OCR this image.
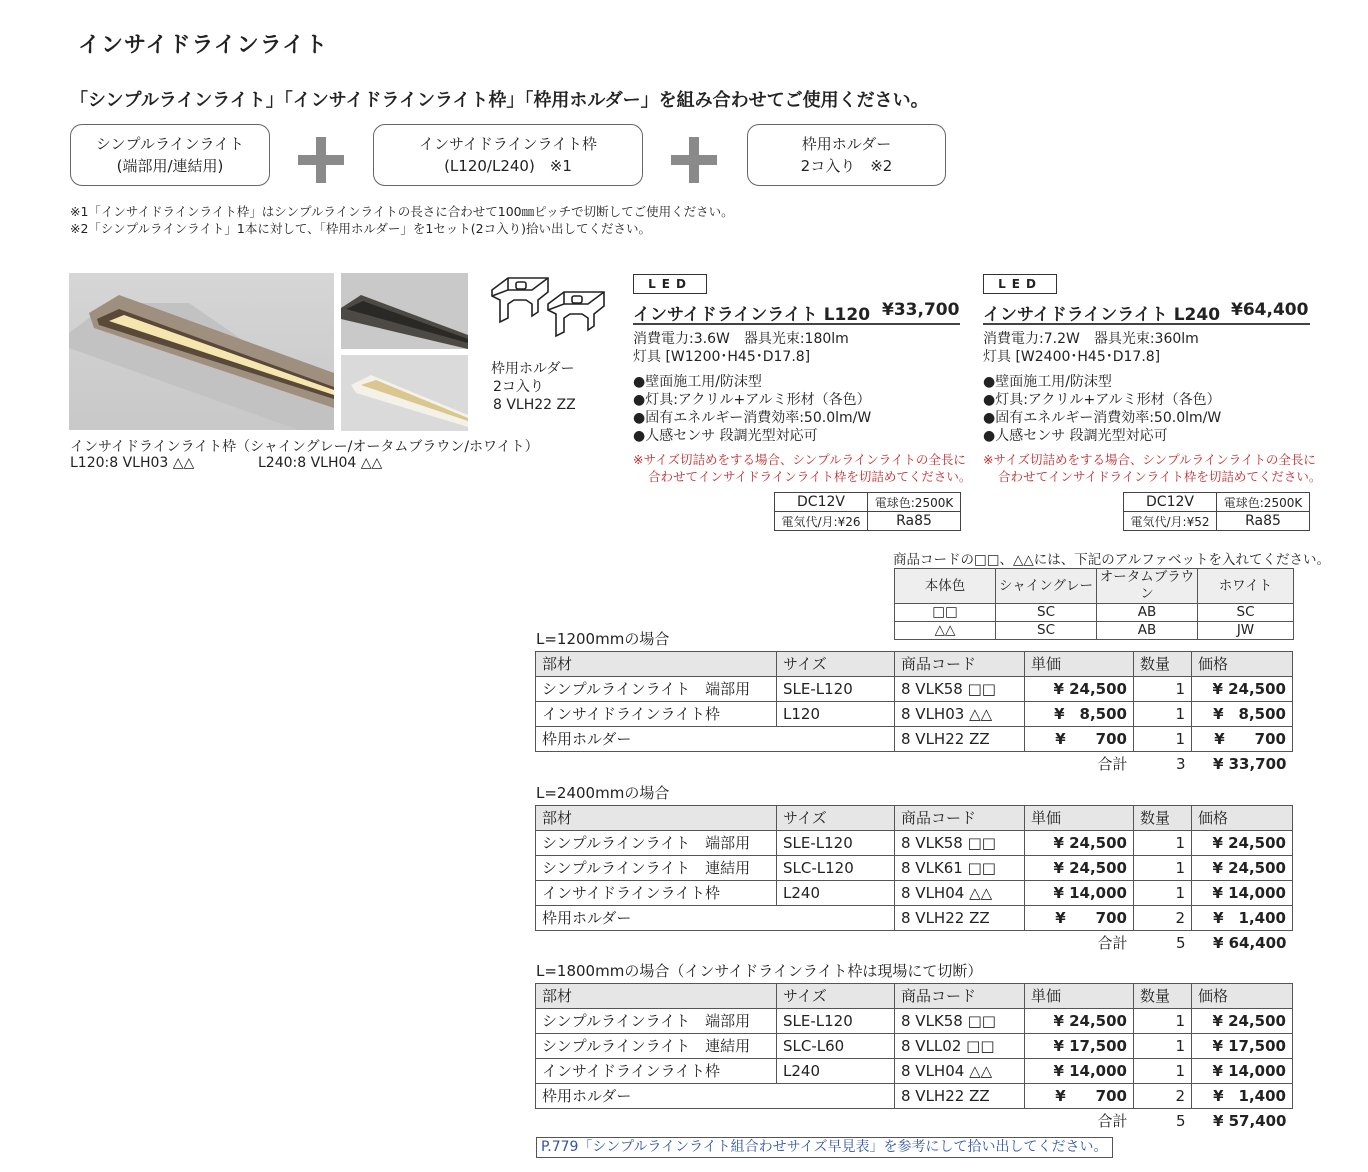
インサイドラインライト
「シンプルラインライト」「インサイドラインライト枠」「枠用ホルダー」を組み合わせてご使用ください。
シンプルラインライト
(端部用/連結用)
インサイドラインライト枠
(L120/L240)　※1
枠用ホルダー
2コ入り　※2
※1「インサイドラインライト枠」はシンプルラインライトの長さに合わせて100㎜ピッチで切断してご使用ください。
※2「シンプルラインライト」1本に対して、「枠用ホルダー」を1セット(2コ入り)拾い出してください。
枠用ホルダー
2コ入り
8 VLH22 ZZ
インサイドラインライト枠（シャイングレー/オータムブラウン/ホワイト）
L120:8 VLH03 △△	L240:8 VLH04 △△
LED
インサイドラインライト L120 ¥33,700
消費電力:3.6W　器具光束:180lm
灯具 [W1200･H45･D17.8]
●壁面施工用/防沫型
●灯具:アクリル+アルミ形材（各色）
●固有エネルギー消費効率:50.0lm/W
●人感センサ 段調光型対応可
※サイズ切詰めをする場合、シンプルラインライトの全長に
合わせてインサイドラインライト枠を切詰めてください。
DC12V	電球色:2500K
電気代/月:¥26	Ra85
LED
インサイドラインライト L240 ¥64,400
消費電力:7.2W　器具光束:360lm
灯具 [W2400･H45･D17.8]
●壁面施工用/防沫型
●灯具:アクリル+アルミ形材（各色）
●固有エネルギー消費効率:50.0lm/W
●人感センサ 段調光型対応可
※サイズ切詰めをする場合、シンプルラインライトの全長に
合わせてインサイドラインライト枠を切詰めてください。
DC12V	電球色:2500K
電気代/月:¥52	Ra85
商品コードの□□、△△には、下記のアルファベットを入れてください。
本体色	シャイングレー	オータムブラウン	ホワイト
□□	SC	AB	SC
△△	SC	AB	JW
L=1200mmの場合
部材	サイズ	商品コード	単価	数量	価格
シンプルラインライト　端部用	SLE-L120	8 VLK58 □□	¥ 24,500	1	¥ 24,500
インサイドラインライト枠	L120	8 VLH03 △△	¥　8,500	1	¥　8,500
枠用ホルダー		8 VLH22 ZZ	¥　　700	1	¥　　700
			合計	3	¥ 33,700
L=2400mmの場合
部材	サイズ	商品コード	単価	数量	価格
シンプルラインライト　端部用	SLE-L120	8 VLK58 □□	¥ 24,500	1	¥ 24,500
シンプルラインライト　連結用	SLC-L120	8 VLK61 □□	¥ 24,500	1	¥ 24,500
インサイドラインライト枠	L240	8 VLH04 △△	¥ 14,000	1	¥ 14,000
枠用ホルダー		8 VLH22 ZZ	¥　　700	2	¥　1,400
			合計	5	¥ 64,400
L=1800mmの場合（インサイドラインライト枠は現場にて切断）
部材	サイズ	商品コード	単価	数量	価格
シンプルラインライト　端部用	SLE-L120	8 VLK58 □□	¥ 24,500	1	¥ 24,500
シンプルラインライト　連結用	SLC-L60	8 VLL02 □□	¥ 17,500	1	¥ 17,500
インサイドラインライト枠	L240	8 VLH04 △△	¥ 14,000	1	¥ 14,000
枠用ホルダー		8 VLH22 ZZ	¥　　700	2	¥　1,400
			合計	5	¥ 57,400
P.779「シンプルラインライト組合わせサイズ早見表」を参考にして拾い出してください。
